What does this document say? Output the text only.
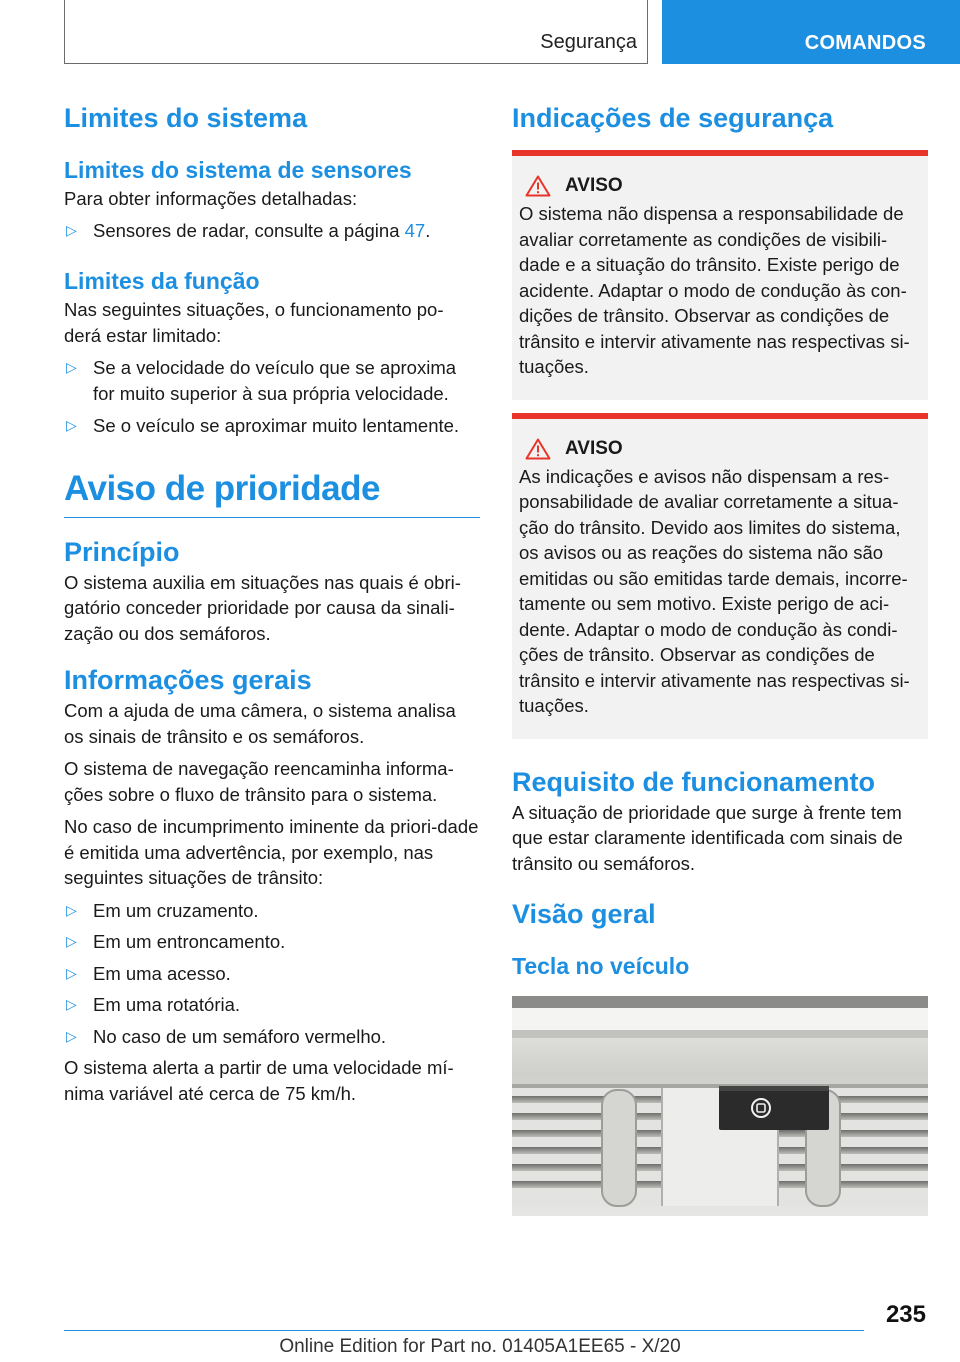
Segurança	COMANDOS
Limites do sistema
Limites do sistema de sensores

Para obter informações detalhadas:

▷ Sensores de radar, consulte a página 47.
Limites da função

Nas seguintes situações, o funcionamento po-derá estar limitado:

▷ Se a velocidade do veículo que se aproxima for muito superior à sua própria velocidade.
▷ Se o veículo se aproximar muito lentamente.
Aviso de prioridade
Princípio

O sistema auxilia em situações nas quais é obri-gatório conceder prioridade por causa da sinali-zação ou dos semáforos.

Informações gerais

Com a ajuda de uma câmera, o sistema analisa os sinais de trânsito e os semáforos.

O sistema de navegação reencaminha informa-ções sobre o fluxo de trânsito para o sistema.

No caso de incumprimento iminente da priori-dade é emitida uma advertência, por exemplo, nas seguintes situações de trânsito:

▷ Em um cruzamento.
▷ Em um entroncamento.
▷ Em uma acesso.
▷ Em uma rotatória.
▷ No caso de um semáforo vermelho.

O sistema alerta a partir de uma velocidade mí-nima variável até cerca de 75 km/h.

Indicações de segurança
AVISO

O sistema não dispensa a responsabilidade de avaliar corretamente as condições de visibili-dade e a situação do trânsito. Existe perigo de acidente. Adaptar o modo de condução às con-dições de trânsito. Observar as condições de trânsito e intervir ativamente nas respectivas si-tuações.

AVISO

As indicações e avisos não dispensam a res-ponsabilidade de avaliar corretamente a situa-ção do trânsito. Devido aos limites do sistema, os avisos ou as reações do sistema não são emitidas ou são emitidas tarde demais, incorre-tamente ou sem motivo. Existe perigo de aci-dente. Adaptar o modo de condução às condi-ções de trânsito. Observar as condições de trânsito e intervir ativamente nas respectivas si-tuações.

Requisito de funcionamento

A situação de prioridade que surge à frente tem que estar claramente identificada com sinais de trânsito ou semáforos.

Visão geral
Tecla no veículo
235
Online Edition for Part no. 01405A1EE65 - X/20
